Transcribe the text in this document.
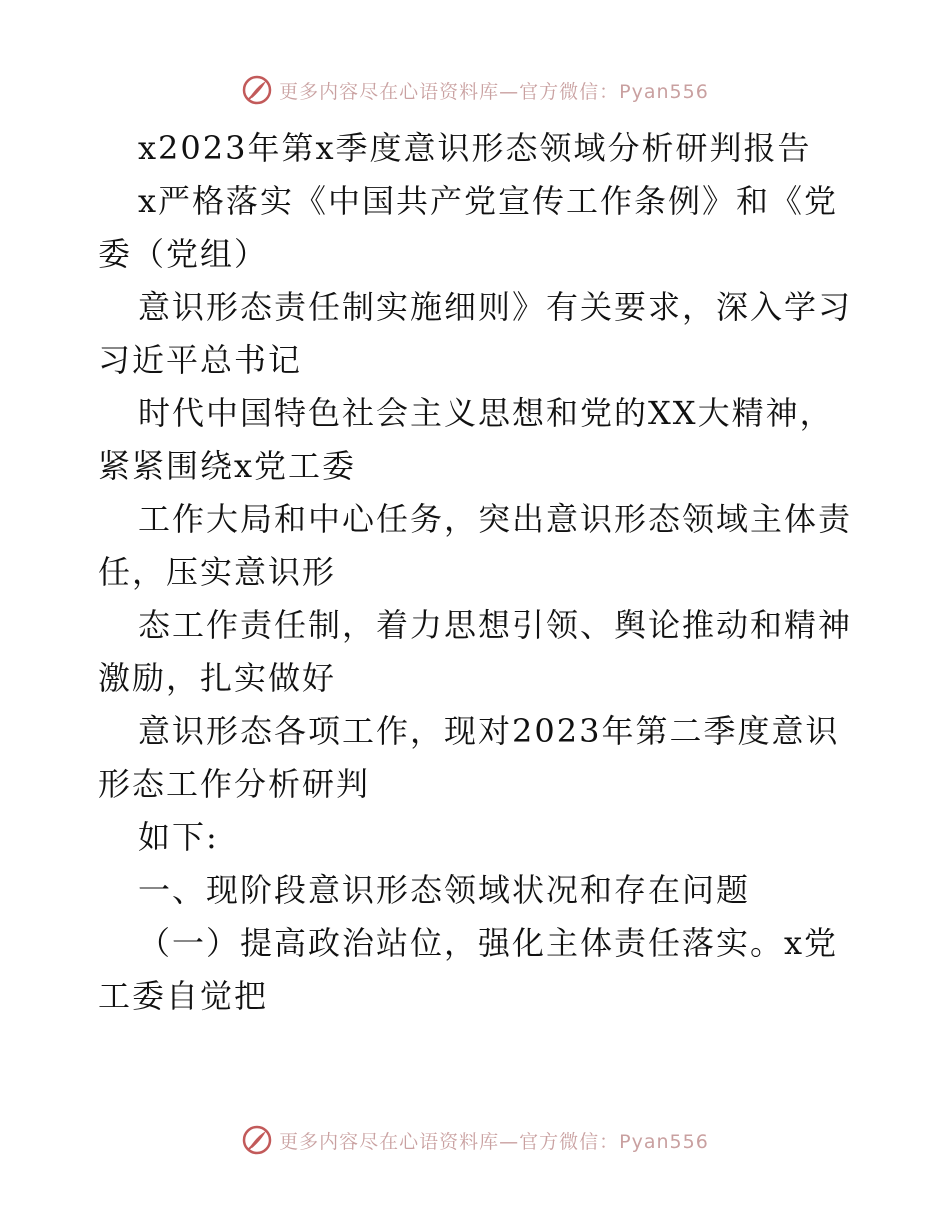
更多内容尽在心语资料库—官方微信：Pyan556
x2023年第x季度意识形态领域分析研判报告
x严格落实《中国共产党宣传工作条例》和《党
委（党组）
意识形态责任制实施细则》有关要求，深入学习
习近平总书记
时代中国特色社会主义思想和党的XX大精神，
紧紧围绕x党工委
工作大局和中心任务，突出意识形态领域主体责
任，压实意识形
态工作责任制，着力思想引领、舆论推动和精神
激励，扎实做好
意识形态各项工作，现对2023年第二季度意识
形态工作分析研判
如下:
一、现阶段意识形态领域状况和存在问题
（一）提高政治站位，强化主体责任落实。x党
工委自觉把
更多内容尽在心语资料库—官方微信：Pyan556
